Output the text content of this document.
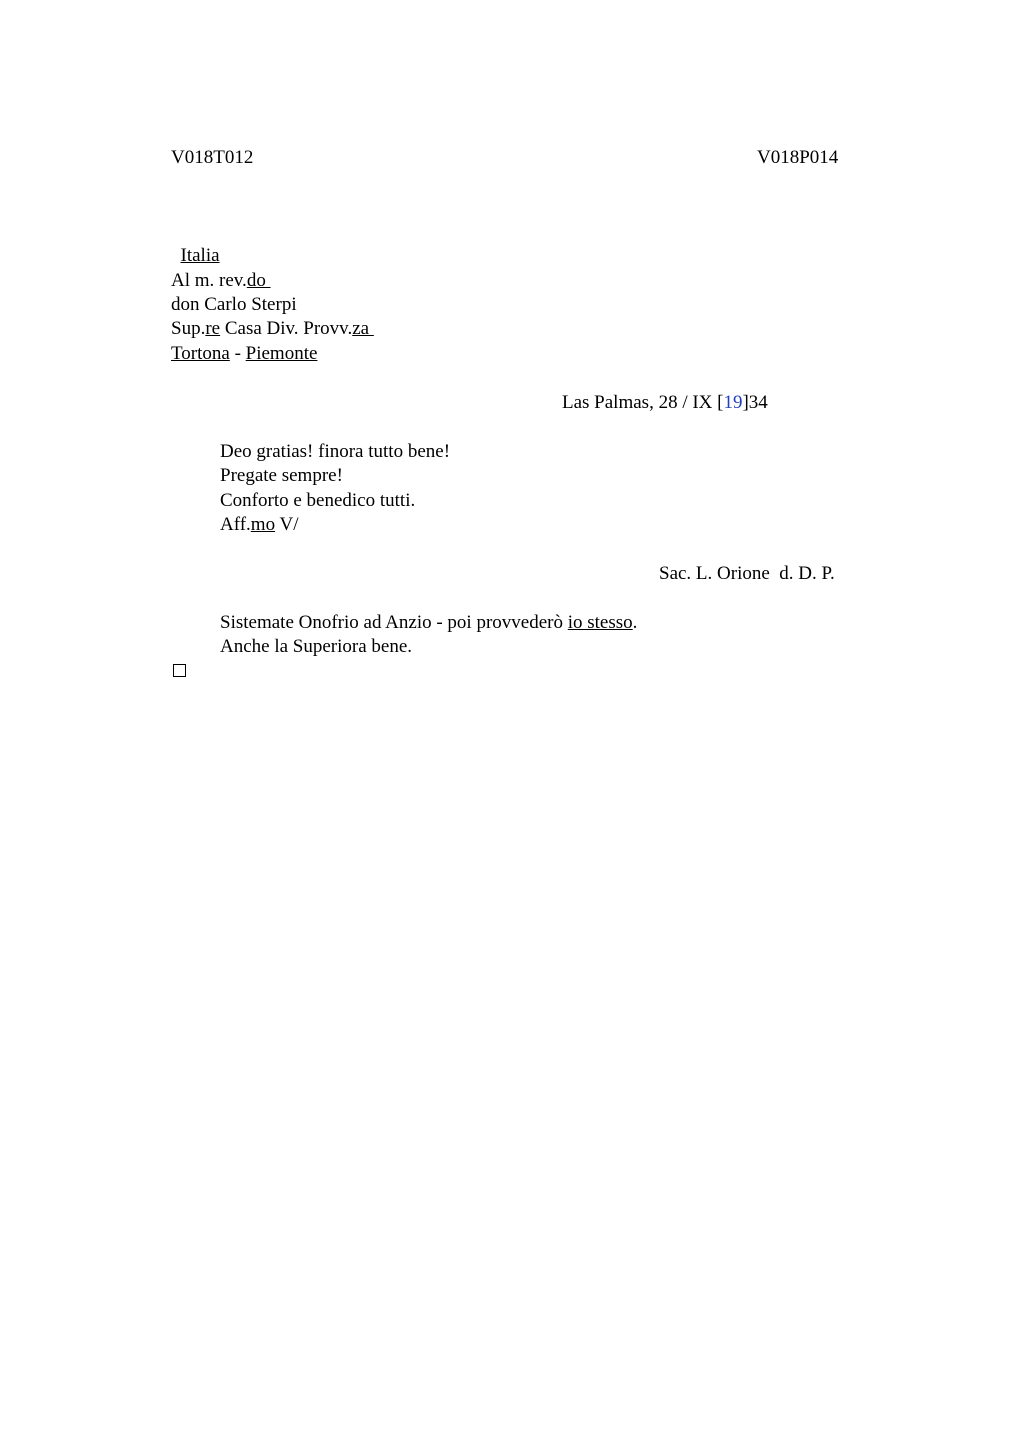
V018T012	V018P014

Italia

Al m. rev.do
don Carlo Sterpi
Sup.re Casa Div. Provv.za
Tortona - Piemonte
Las Palmas, 28 / IX [19]34
Deo gratias! finora tutto bene!
Pregate sempre!
Conforto e benedico tutti.
Aff.mo V/
Sac. L. Orione  d. D. P.
Sistemate Onofrio ad Anzio - poi provvederò io stesso.
Anche la Superiora bene.
